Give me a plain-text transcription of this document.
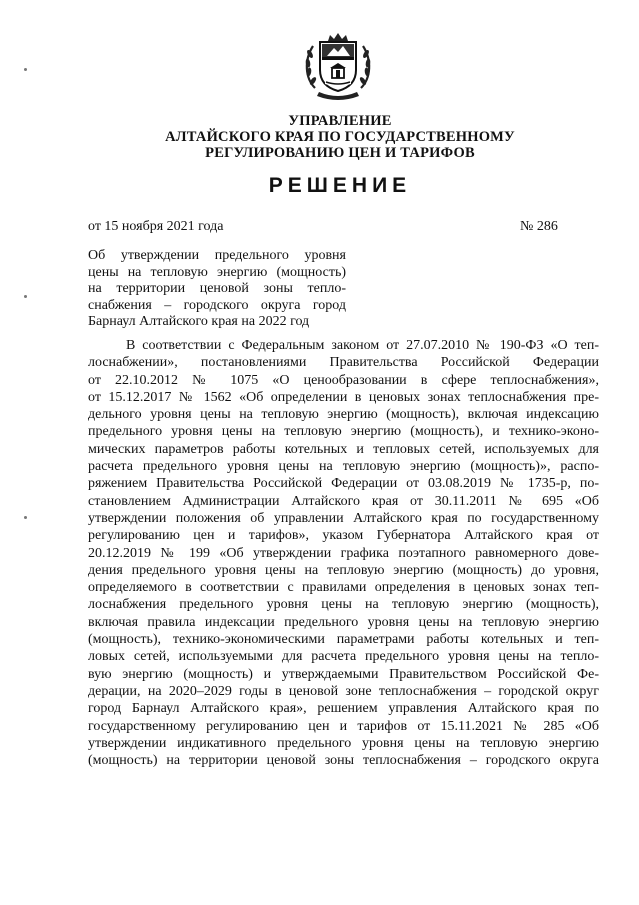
УПРАВЛЕНИЕ
АЛТАЙСКОГО КРАЯ ПО ГОСУДАРСТВЕННОМУ
РЕГУЛИРОВАНИЮ ЦЕН И ТАРИФОВ
РЕШЕНИЕ
от 15 ноября 2021 года	№ 286
Об утверждении предельного уровня
цены на тепловую энергию (мощность)
на территории ценовой зоны тепло-
снабжения – городского округа город
Барнаул Алтайского края на 2022 год
В соответствии с Федеральным законом от 27.07.2010 № 190-ФЗ «О теп-
лоснабжении», постановлениями Правительства Российской Федерации
от 22.10.2012 № 1075 «О ценообразовании в сфере теплоснабжения»,
от 15.12.2017 № 1562 «Об определении в ценовых зонах теплоснабжения пре-
дельного уровня цены на тепловую энергию (мощность), включая индексацию
предельного уровня цены на тепловую энергию (мощность), и технико-эконо-
мических параметров работы котельных и тепловых сетей, используемых для
расчета предельного уровня цены на тепловую энергию (мощность)», распо-
ряжением Правительства Российской Федерации от 03.08.2019 № 1735-р, по-
становлением Администрации Алтайского края от 30.11.2011 № 695 «Об
утверждении положения об управлении Алтайского края по государственному
регулированию цен и тарифов», указом Губернатора Алтайского края от
20.12.2019 № 199 «Об утверждении графика поэтапного равномерного дове-
дения предельного уровня цены на тепловую энергию (мощность) до уровня,
определяемого в соответствии с правилами определения в ценовых зонах теп-
лоснабжения предельного уровня цены на тепловую энергию (мощность),
включая правила индексации предельного уровня цены на тепловую энергию
(мощность), технико-экономическими параметрами работы котельных и теп-
ловых сетей, используемыми для расчета предельного уровня цены на тепло-
вую энергию (мощность) и утверждаемыми Правительством Российской Фе-
дерации, на 2020–2029 годы в ценовой зоне теплоснабжения – городской округ
город Барнаул Алтайского края», решением управления Алтайского края по
государственному регулированию цен и тарифов от 15.11.2021 № 285 «Об
утверждении индикативного предельного уровня цены на тепловую энергию
(мощность) на территории ценовой зоны теплоснабжения – городского округа
